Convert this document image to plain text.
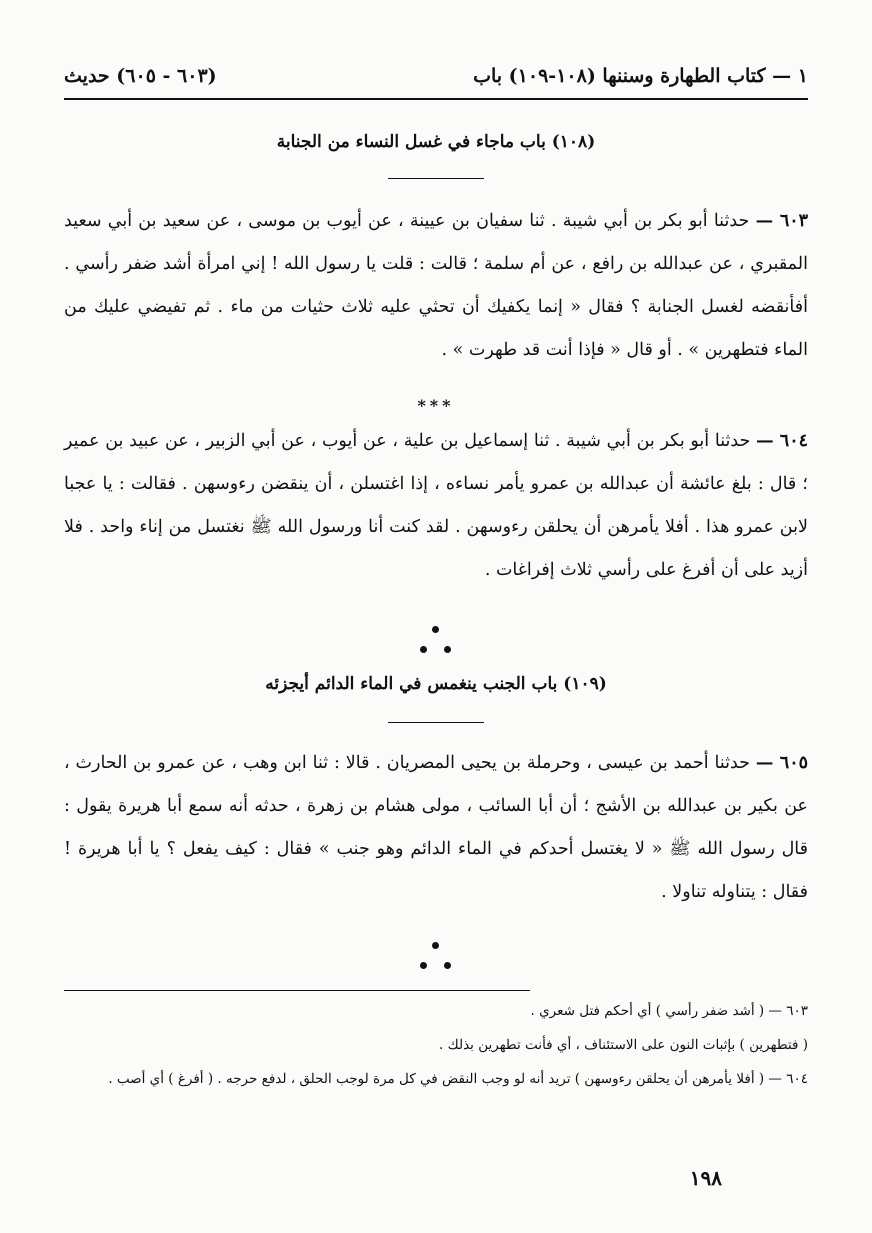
١ — كتاب الطهارة وسننها (١٠٨-١٠٩) باب
(٦٠٣ - ٦٠٥) حديث
(١٠٨) باب ماجاء في غسل النساء من الجنابة
٦٠٣ — حدثنا أبو بكر بن أبي شيبة . ثنا سفيان بن عيينة ، عن أيوب بن موسى ، عن سعيد بن أبي سعيد المقبري ، عن عبدالله بن رافع ، عن أم سلمة ؛ قالت : قلت يا رسول الله ! إني امرأة أشد ضفر رأسي . أفأنقضه لغسل الجنابة ؟ فقال « إنما يكفيك أن تحثي عليه ثلاث حثيات من ماء . ثم تفيضي عليك من الماء فتطهرين » . أو قال « فإذا أنت قد طهرت » .
***
٦٠٤ — حدثنا أبو بكر بن أبي شيبة . ثنا إسماعيل بن علية ، عن أيوب ، عن أبي الزبير ، عن عبيد بن عمير ؛ قال : بلغ عائشة أن عبدالله بن عمرو يأمر نساءه ، إذا اغتسلن ، أن ينقضن رءوسهن . فقالت : يا عجبا لابن عمرو هذا . أفلا يأمرهن أن يحلقن رءوسهن . لقد كنت أنا ورسول الله ﷺ نغتسل من إناء واحد . فلا أزيد على أن أفرغ على رأسي ثلاث إفراغات .
(١٠٩) باب الجنب ينغمس في الماء الدائم أيجزئه
٦٠٥ — حدثنا أحمد بن عيسى ، وحرملة بن يحيى المصريان . قالا : ثنا ابن وهب ، عن عمرو بن الحارث ، عن بكير بن عبدالله بن الأشج ؛ أن أبا السائب ، مولى هشام بن زهرة ، حدثه أنه سمع أبا هريرة يقول : قال رسول الله ﷺ « لا يغتسل أحدكم في الماء الدائم وهو جنب » فقال : كيف يفعل ؟ يا أبا هريرة ! فقال : يتناوله تناولا .
٦٠٣ — ( أشد ضفر رأسي ) أي أحكم فتل شعري .
( فتطهرين ) بإثبات النون على الاستئناف ، أي فأنت تطهرين بذلك .
٦٠٤ — ( أفلا يأمرهن أن يحلقن رءوسهن ) تريد أنه لو وجب النقض في كل مرة لوجب الحلق ، لدفع حرجه . ( أفرغ ) أي أصب .
١٩٨
